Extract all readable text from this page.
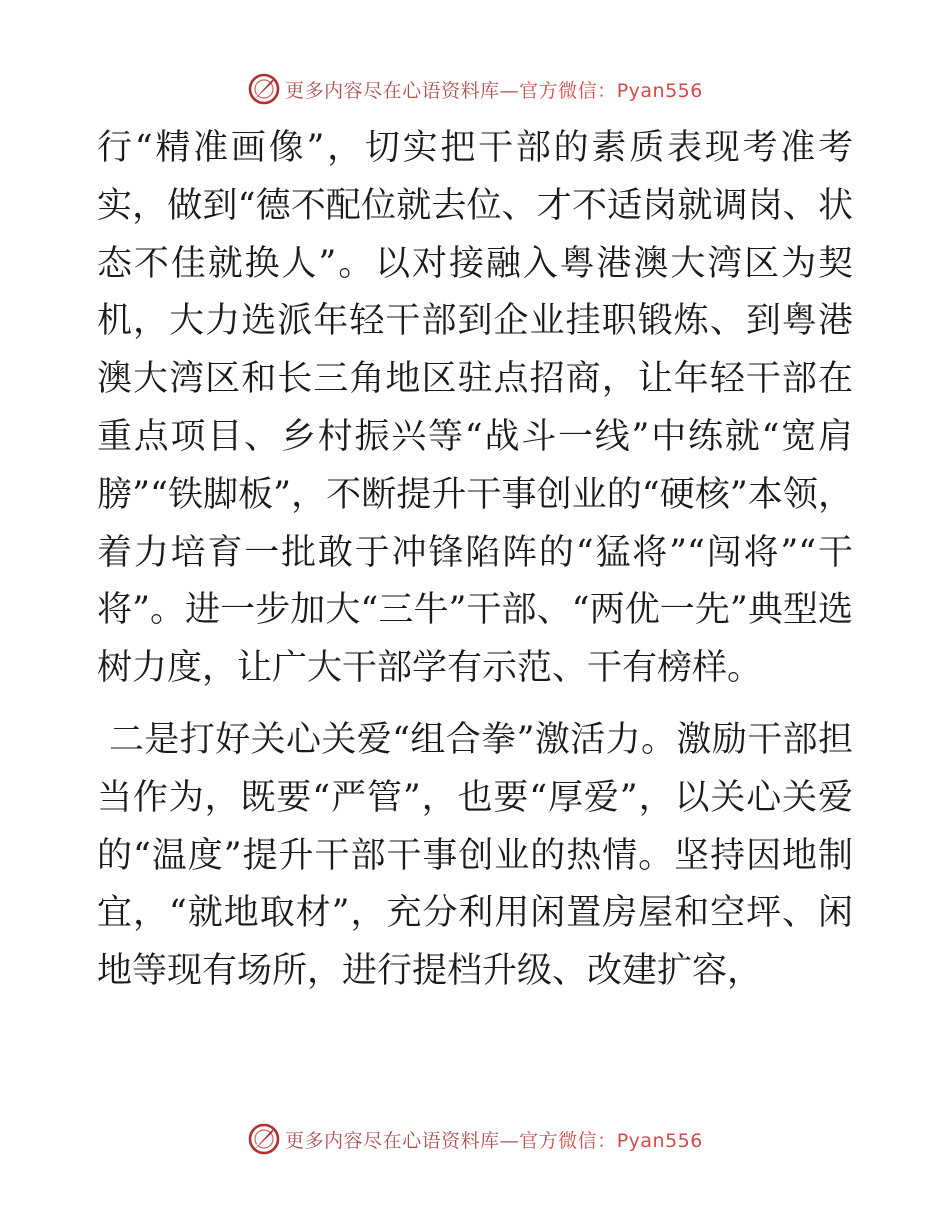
更多内容尽在心语资料库—官方微信：Pyan556

行“精准画像”，切实把干部的素质表现考准考实，做到“德不配位就去位、才不适岗就调岗、状态不佳就换人”。以对接融入粤港澳大湾区为契机，大力选派年轻干部到企业挂职锻炼、到粤港澳大湾区和长三角地区驻点招商，让年轻干部在重点项目、乡村振兴等“战斗一线”中练就“宽肩膀”“铁脚板”，不断提升干事创业的“硬核”本领，着力培育一批敢于冲锋陷阵的“猛将”“闯将”“干将”。进一步加大“三牛”干部、“两优一先”典型选树力度，让广大干部学有示范、干有榜样。

二是打好关心关爱“组合拳”激活力。激励干部担当作为，既要“严管”，也要“厚爱”，以关心关爱的“温度”提升干部干事创业的热情。坚持因地制宜，“就地取材”，充分利用闲置房屋和空坪、闲地等现有场所，进行提档升级、改建扩容，

更多内容尽在心语资料库—官方微信：Pyan556
